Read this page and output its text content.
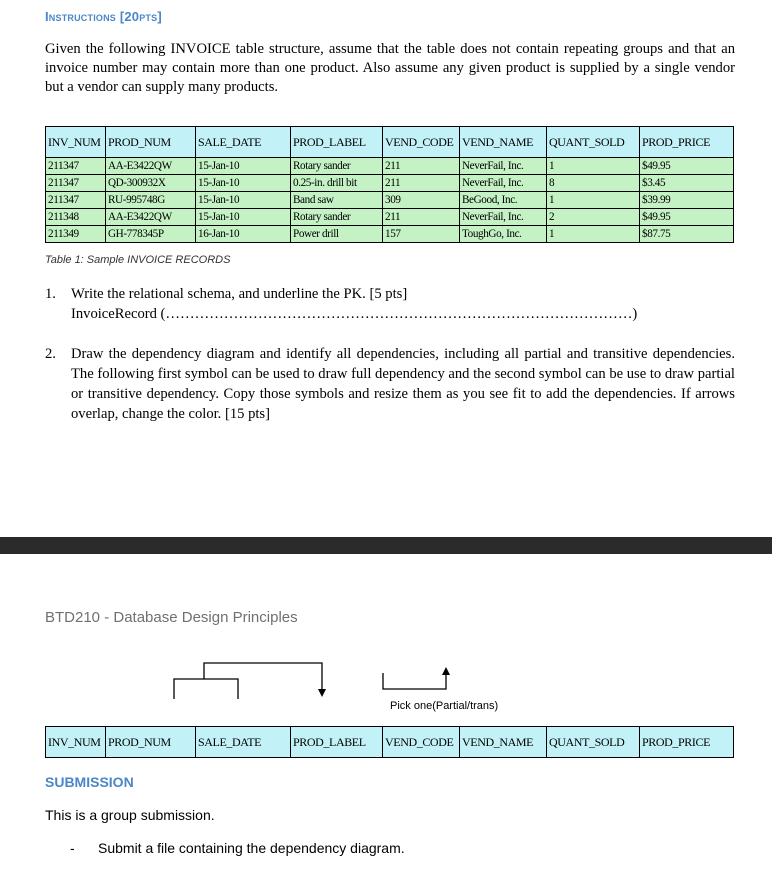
Instructions [20pts]
Given the following INVOICE table structure, assume that the table does not contain repeating groups and that an invoice number may contain more than one product. Also assume any given product is supplied by a single vendor but a vendor can supply many products.
INV_NUM	PROD_NUM	SALE_DATE	PROD_LABEL	VEND_CODE	VEND_NAME	QUANT_SOLD	PROD_PRICE
211347	AA-E3422QW	15-Jan-10	Rotary sander	211	NeverFail, Inc.	1	$49.95
211347	QD-300932X	15-Jan-10	0.25-in. drill bit	211	NeverFail, Inc.	8	$3.45
211347	RU-995748G	15-Jan-10	Band saw	309	BeGood, Inc.	1	$39.99
211348	AA-E3422QW	15-Jan-10	Rotary sander	211	NeverFail, Inc.	2	$49.95
211349	GH-778345P	16-Jan-10	Power drill	157	ToughGo, Inc.	1	$87.75
Table 1: Sample INVOICE RECORDS
1. Write the relational schema, and underline the PK. [5 pts]
InvoiceRecord (……………………………………………………………………………………)
2. Draw the dependency diagram and identify all dependencies, including all partial and transitive dependencies. The following first symbol can be used to draw full dependency and the second symbol can be use to draw partial or transitive dependency. Copy those symbols and resize them as you see fit to add the dependencies. If arrows overlap, change the color. [15 pts]
BTD210 - Database Design Principles
Pick one(Partial/trans)
INV_NUM	PROD_NUM	SALE_DATE	PROD_LABEL	VEND_CODE	VEND_NAME	QUANT_SOLD	PROD_PRICE
SUBMISSION
This is a group submission.
- Submit a file containing the dependency diagram.
